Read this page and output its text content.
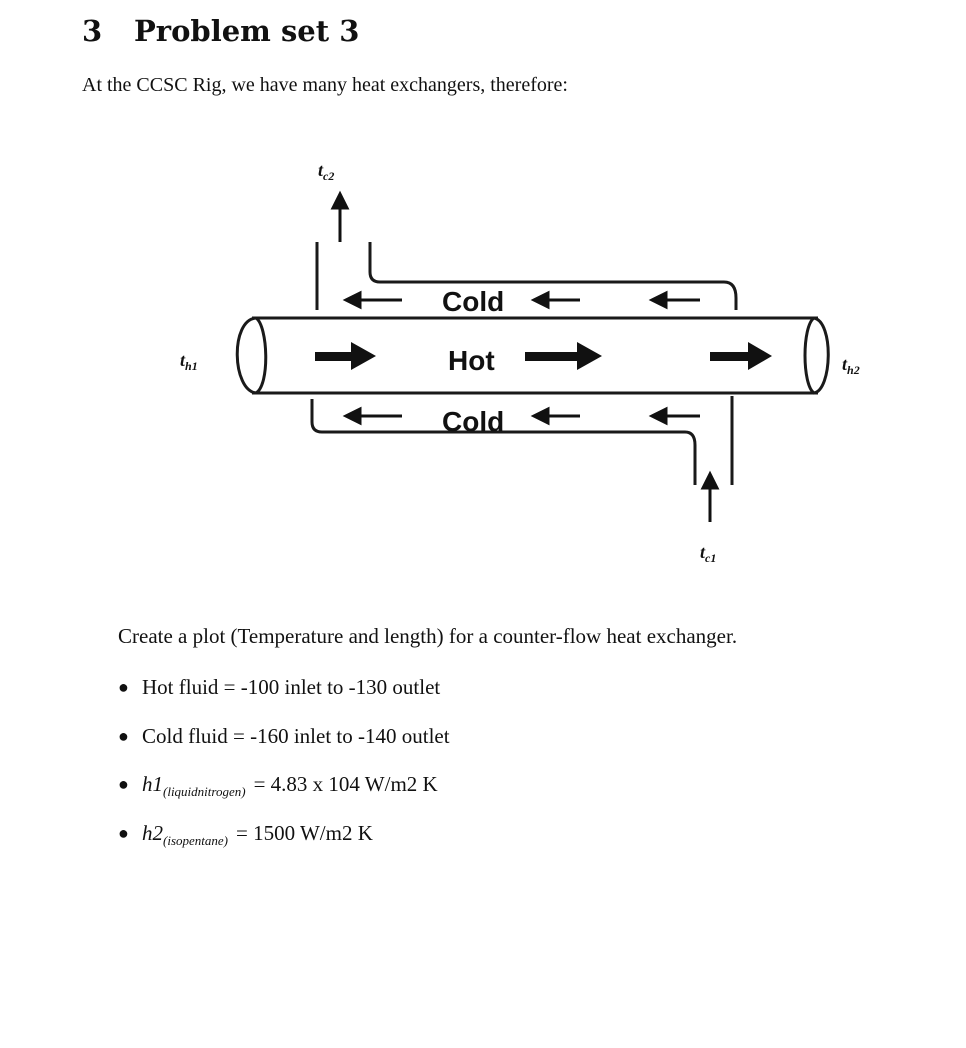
3 Problem set 3

At the CCSC Rig, we have many heat exchangers, therefore:

Cold
Hot
Cold
$t_{c2}$
$t_{h1}$	$t_{h2}$
$t_{c1}$

Create a plot (Temperature and length) for a counter-flow heat exchanger.

● Hot fluid = -100 inlet to -130 outlet
● Cold fluid = -160 inlet to -140 outlet
● $h1_{(liquidnitrogen)} = 4.83$ x 104 W/m2 K
● $h2_{(isopentane)} = 1500$ W/m2 K
